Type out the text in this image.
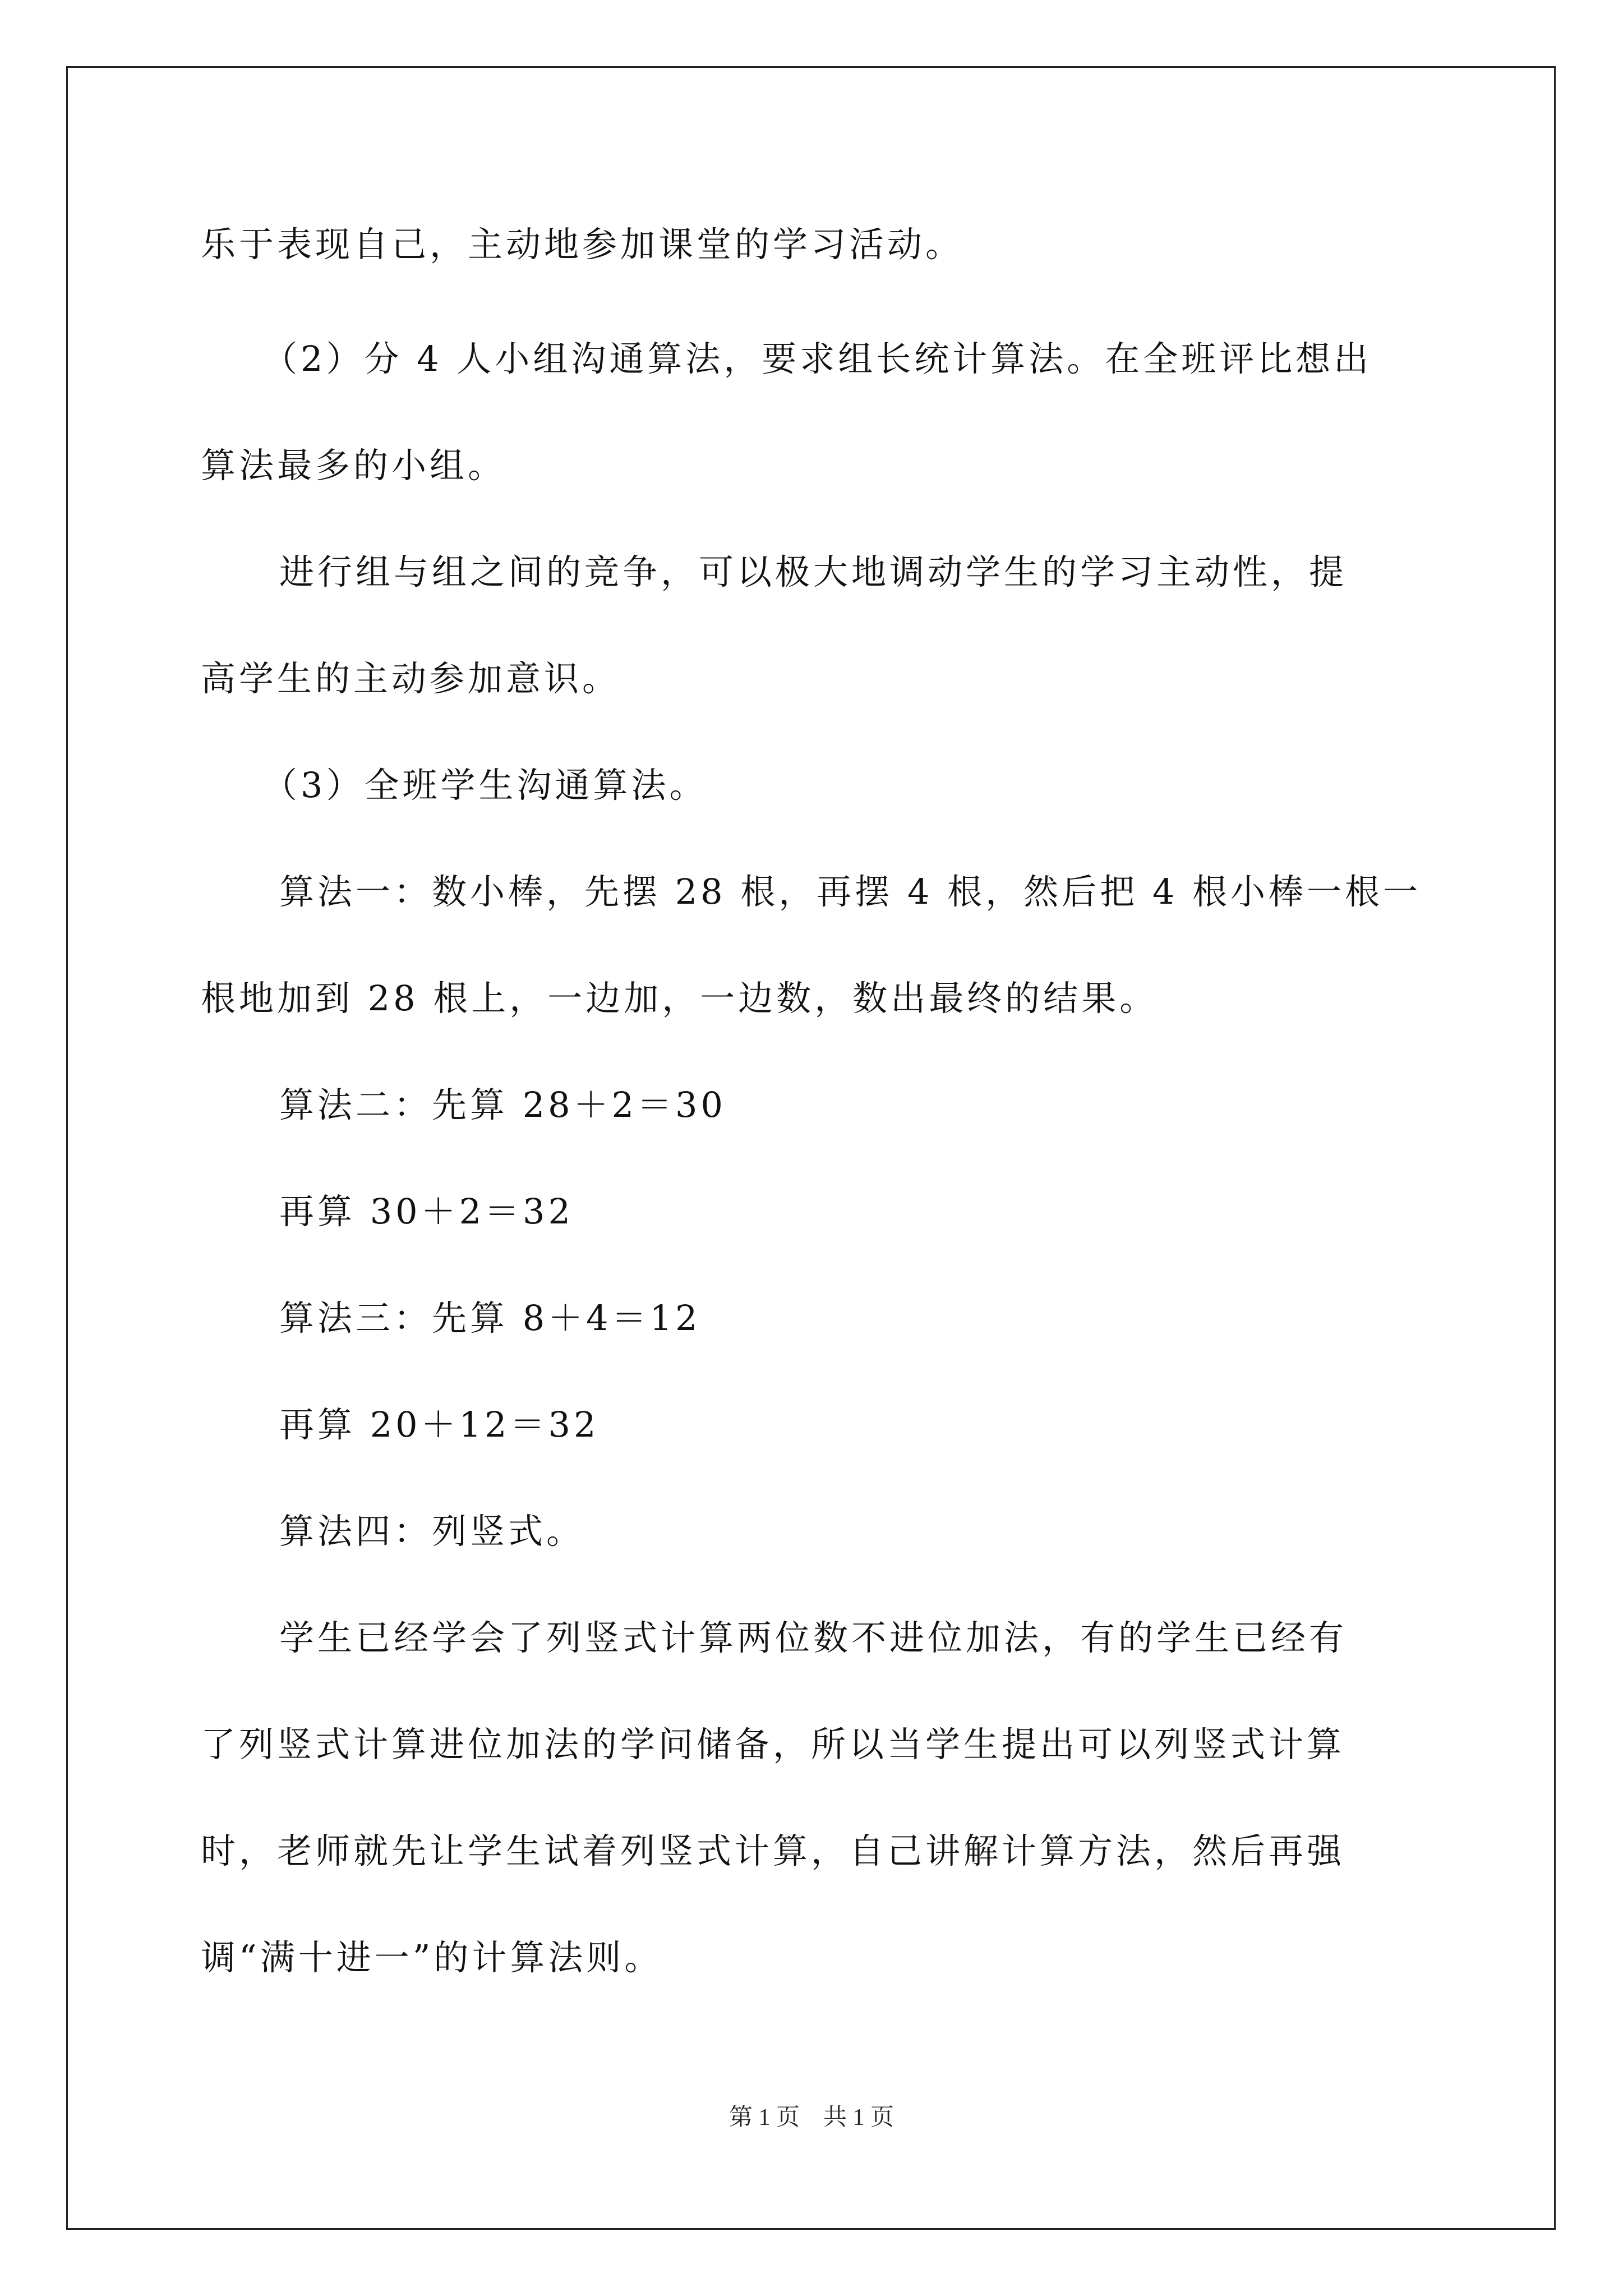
乐于表现自己，主动地参加课堂的学习活动。
（2）分 4 人小组沟通算法，要求组长统计算法。在全班评比想出
算法最多的小组。
进行组与组之间的竞争，可以极大地调动学生的学习主动性，提
高学生的主动参加意识。
（3）全班学生沟通算法。
算法一：数小棒，先摆 28 根，再摆 4 根，然后把 4 根小棒一根一
根地加到 28 根上，一边加，一边数，数出最终的结果。
算法二：先算 28＋2＝30
再算 30＋2＝32
算法三：先算 8＋4＝12
再算 20＋12＝32
算法四：列竖式。
学生已经学会了列竖式计算两位数不进位加法，有的学生已经有
了列竖式计算进位加法的学问储备，所以当学生提出可以列竖式计算
时，老师就先让学生试着列竖式计算，自己讲解计算方法，然后再强
调“满十进一”的计算法则。
第 1 页    共 1 页
